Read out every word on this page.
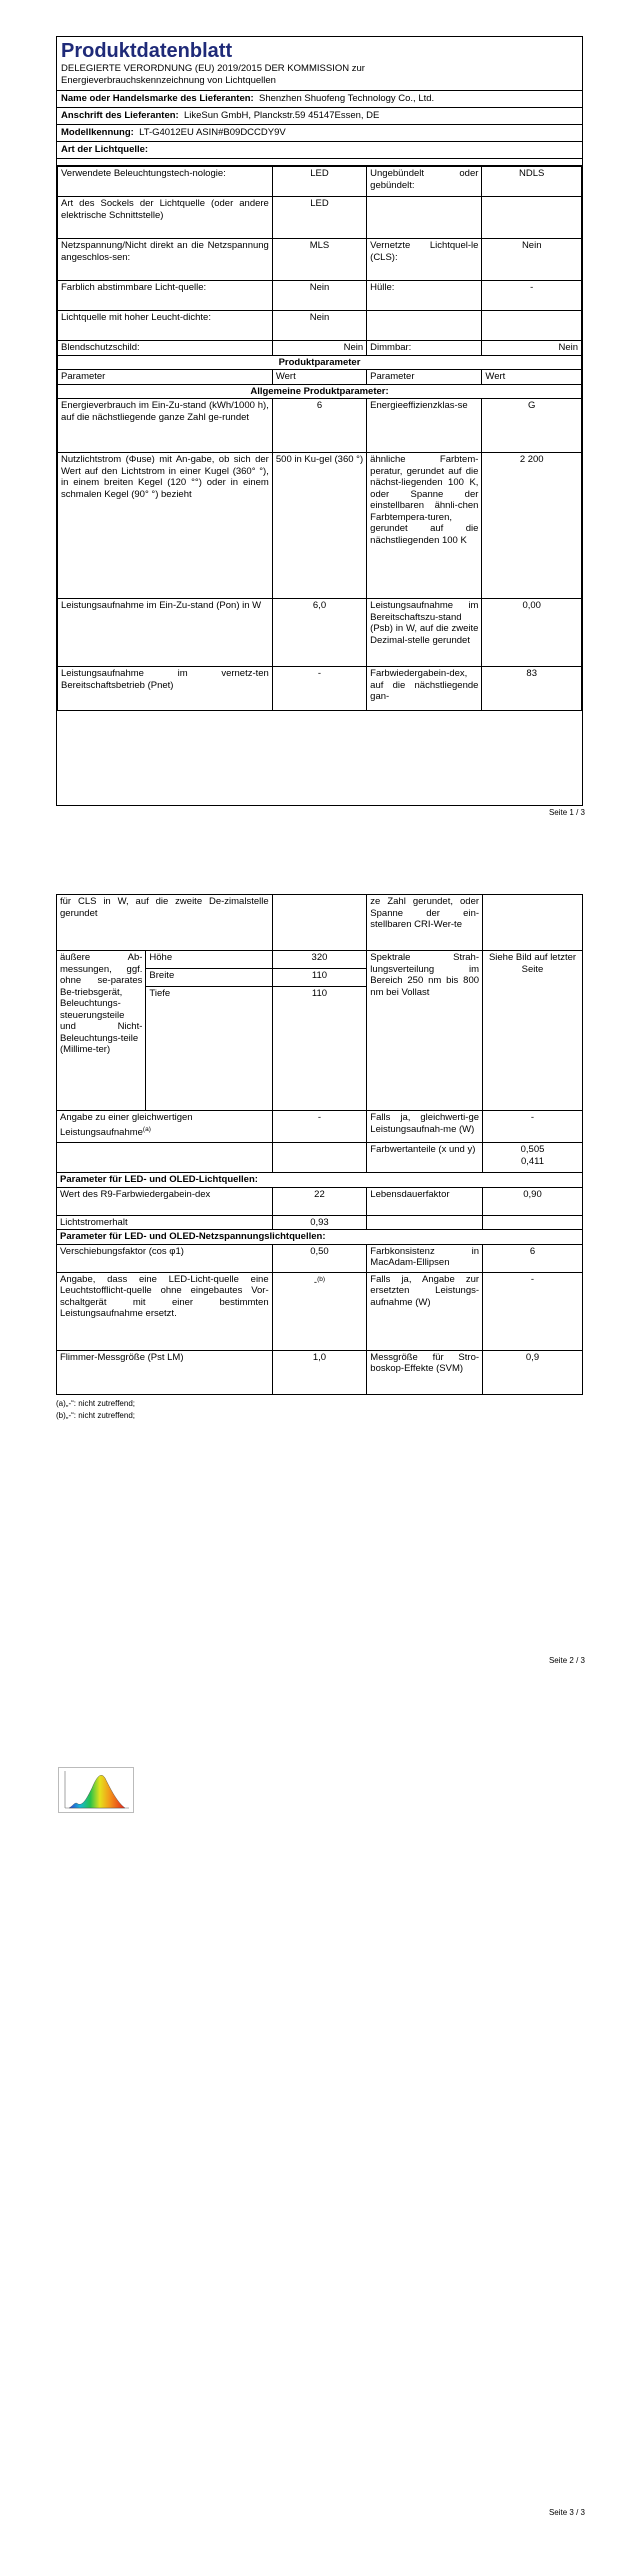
Produktdatenblatt
DELEGIERTE VERORDNUNG (EU) 2019/2015 DER KOMMISSION zur
Energieverbrauchskennzeichnung von Lichtquellen
Name oder Handelsmarke des Lieferanten: Shenzhen Shuofeng Technology Co., Ltd.
Anschrift des Lieferanten: LikeSun GmbH, Planckstr.59 45147Essen, DE
Modellkennung: LT-G4012EU ASIN#B09DCCDY9V
Art der Lichtquelle:
Verwendete Beleuchtungstech-nologie:	LED	Ungebündelt oder gebündelt:	NDLS
Art des Sockels der Lichtquelle (oder andere elektrische Schnittstelle)	LED		
Netzspannung/Nicht direkt an die Netzspannung angeschlos-sen:	MLS	Vernetzte Lichtquel-le (CLS):	Nein
Farblich abstimmbare Licht-quelle:	Nein	Hülle:	-
Lichtquelle mit hoher Leucht-dichte:	Nein		
Blendschutzschild:	Nein	Dimmbar:	Nein
Produktparameter			
Parameter	Wert	Parameter	Wert
Allgemeine Produktparameter:			
Energieverbrauch im Ein-Zu-stand (kWh/1000 h), auf die nächstliegende ganze Zahl ge-rundet	6	Energieeffizienzklas-se	G
Nutzlichtstrom (Φuse) mit An-gabe, ob sich der Wert auf den Lichtstrom in einer Kugel (360° °), in einem breiten Kegel (120 °°) oder in einem schmalen Kegel (90° °) bezieht	500 in Ku-gel (360 °)	ähnliche Farbtem-peratur, gerundet auf die nächst-liegenden 100 K, oder Spanne der einstellbaren ähnli-chen Farbtempera-turen, gerundet auf die nächstliegenden 100 K	2 200
Leistungsaufnahme im Ein-Zu-stand (Pon) in W	6,0	Leistungsaufnahme im Bereitschaftszu-stand (Psb) in W, auf die zweite Dezimal-stelle gerundet	0,00
Leistungsaufnahme im vernetz-ten Bereitschaftsbetrieb (Pnet)	-	Farbwiedergabein-dex, auf die nächstliegende gan-	83
Seite 1 / 3
für CLS in W, auf die zweite De-zimalstelle gerundet			ze Zahl gerundet, oder Spanne der ein-stellbaren CRI-Wer-te	
äußere Ab-messungen, ggf. ohne se-parates Be-triebsgerät, Beleuchtungs-steuerungsteile und Nicht-Beleuchtungs-teile (Millime-ter)	Höhe	320	Spektrale Strah-lungsverteilung im Bereich 250 nm bis 800 nm bei Vollast	Siehe Bild auf letzter Seite
	Breite	110		
	Tiefe	110		
Angabe zu einer gleichwertigen Leistungsaufnahme$^{(a)}$		-	Falls ja, gleichwerti-ge Leistungsaufnah-me (W)	-
			Farbwertanteile (x und y)	0,505
0,411

Parameter für LED- und OLED-Lichtquellen:				
Wert des R9-Farbwiedergabein-dex		22	Lebensdauerfaktor	0,90
Lichtstromerhalt		0,93		
Parameter für LED- und OLED-Netzspannungslichtquellen:				
Verschiebungsfaktor (cos φ1)		0,50	Farbkonsistenz in MacAdam-Ellipsen	6
Angabe, dass eine LED-Licht-quelle eine Leuchtstofflicht-quelle ohne eingebautes Vor-schaltgerät mit einer bestimmten Leistungsaufnahme ersetzt.		-$^{(b)}$	Falls ja, Angabe zur ersetzten Leistungs-aufnahme (W)	-
Flimmer-Messgröße (Pst LM)		1,0	Messgröße für Stro-boskop-Effekte (SVM)	0,9
(a)„-“: nicht zutreffend;
(b)„-“: nicht zutreffend;
Seite 2 / 3
Seite 3 / 3
